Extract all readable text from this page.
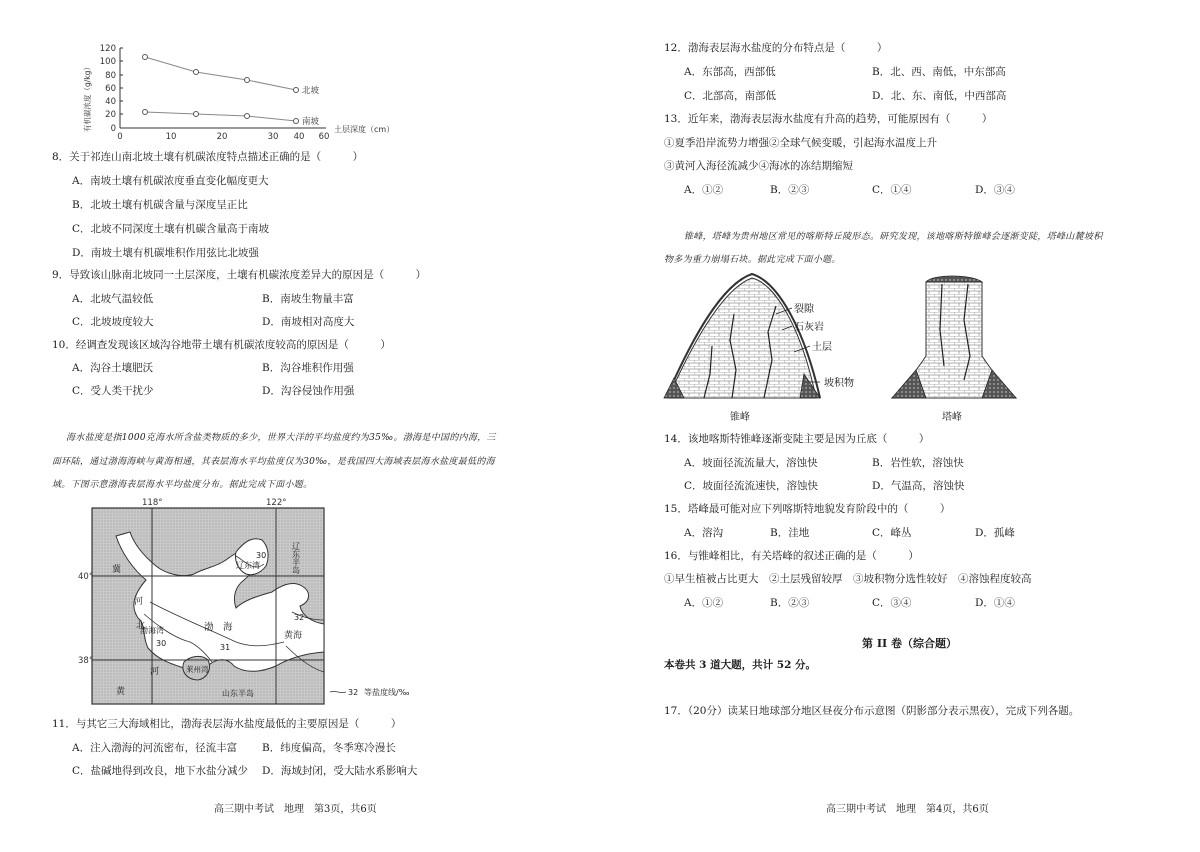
120
100
80
60
40
20
0
0	10	20	30 40 60
有机碳浓度（g/kg）	土层深度（cm）
北坡
南坡
8．关于祁连山南北坡土壤有机碳浓度特点描述正确的是（　　　）
A．南坡土壤有机碳浓度垂直变化幅度更大
B．北坡土壤有机碳含量与深度呈正比
C．北坡不同深度土壤有机碳含量高于南坡
D．南坡土壤有机碳堆积作用弦比北坡强
9．导致该山脉南北坡同一土层深度，土壤有机碳浓度差异大的原因是（　　　）
A．北坡气温较低	B．南坡生物量丰富
C．北坡坡度较大	D．南坡相对高度大
10．经调查发现该区域沟谷地带土壤有机碳浓度较高的原因是（　　　）
A．沟谷土壤肥沃	B．沟谷堆积作用强
C．受人类干扰少	D．沟谷侵蚀作用强
海水盐度是指1000克海水所含盐类物质的多少，世界大洋的平均盐度约为35‰。渤海是中国的内海，三
面环陆，通过渤海海峡与黄海相通，其表层海水平均盐度仅为30‰，是我国四大海域表层海水盐度最低的海
域。下图示意渤海表层海水平均盐度分布。据此完成下面小题。
118°	122°
40°
38°
冀
河
北
辽东湾	辽东半岛
渤海湾	渤　海
黄海
莱州湾
河
黄	山东半岛
30
30	31
32
32 等盐度线/‰
11．与其它三大海域相比，渤海表层海水盐度最低的主要原因是（　　　）
A．注入渤海的河流密布，径流丰富 B．纬度偏高，冬季寒冷漫长
C．盐碱地得到改良，地下水盐分减少 D．海域封闭，受大陆水系影响大
高三期中考试　地理　第3页，共6页
12．渤海表层海水盐度的分布特点是（　　　）
A．东部高，西部低	B．北、西、南低，中东部高
C．北部高，南部低	D．北、东、南低，中西部高
13．近年来，渤海表层海水盐度有升高的趋势，可能原因有（　　　）
①夏季沿岸流势力增强②全球气候变暖，引起海水温度上升
③黄河入海径流减少④海冰的冻结期缩短
A．①②	B．②③	C．①④	D．③④
锥峰，塔峰为贵州地区常见的喀斯特丘陵形态。研究发现，该地喀斯特锥峰会逐渐变陡，塔峰山麓坡积
物多为重力崩塌石块。据此完成下面小题。
裂隙
石灰岩
土层
坡积物
锥峰	塔峰
14．该地喀斯特锥峰逐渐变陡主要是因为丘底（　　　）
A．坡面径流流量大，溶蚀快	B．岩性软，溶蚀快
C．坡面径流流速快，溶蚀快	D．气温高，溶蚀快
15．塔峰最可能对应下列喀斯特地貌发育阶段中的（　　　）
A．溶沟	B．洼地	C．峰丛	D．孤峰
16．与锥峰相比，有关塔峰的叙述正确的是（　　　）
①早生植被占比更大　②土层残留较厚　③坡积物分选性较好　④溶蚀程度较高
A．①②	B．②③	C．③④	D．①④
第 II 卷（综合题）
本卷共 3 道大题，共计 52 分。
17．（20分）读某日地球部分地区昼夜分布示意图（阴影部分表示黑夜），完成下列各题。
高三期中考试　地理　第4页，共6页
